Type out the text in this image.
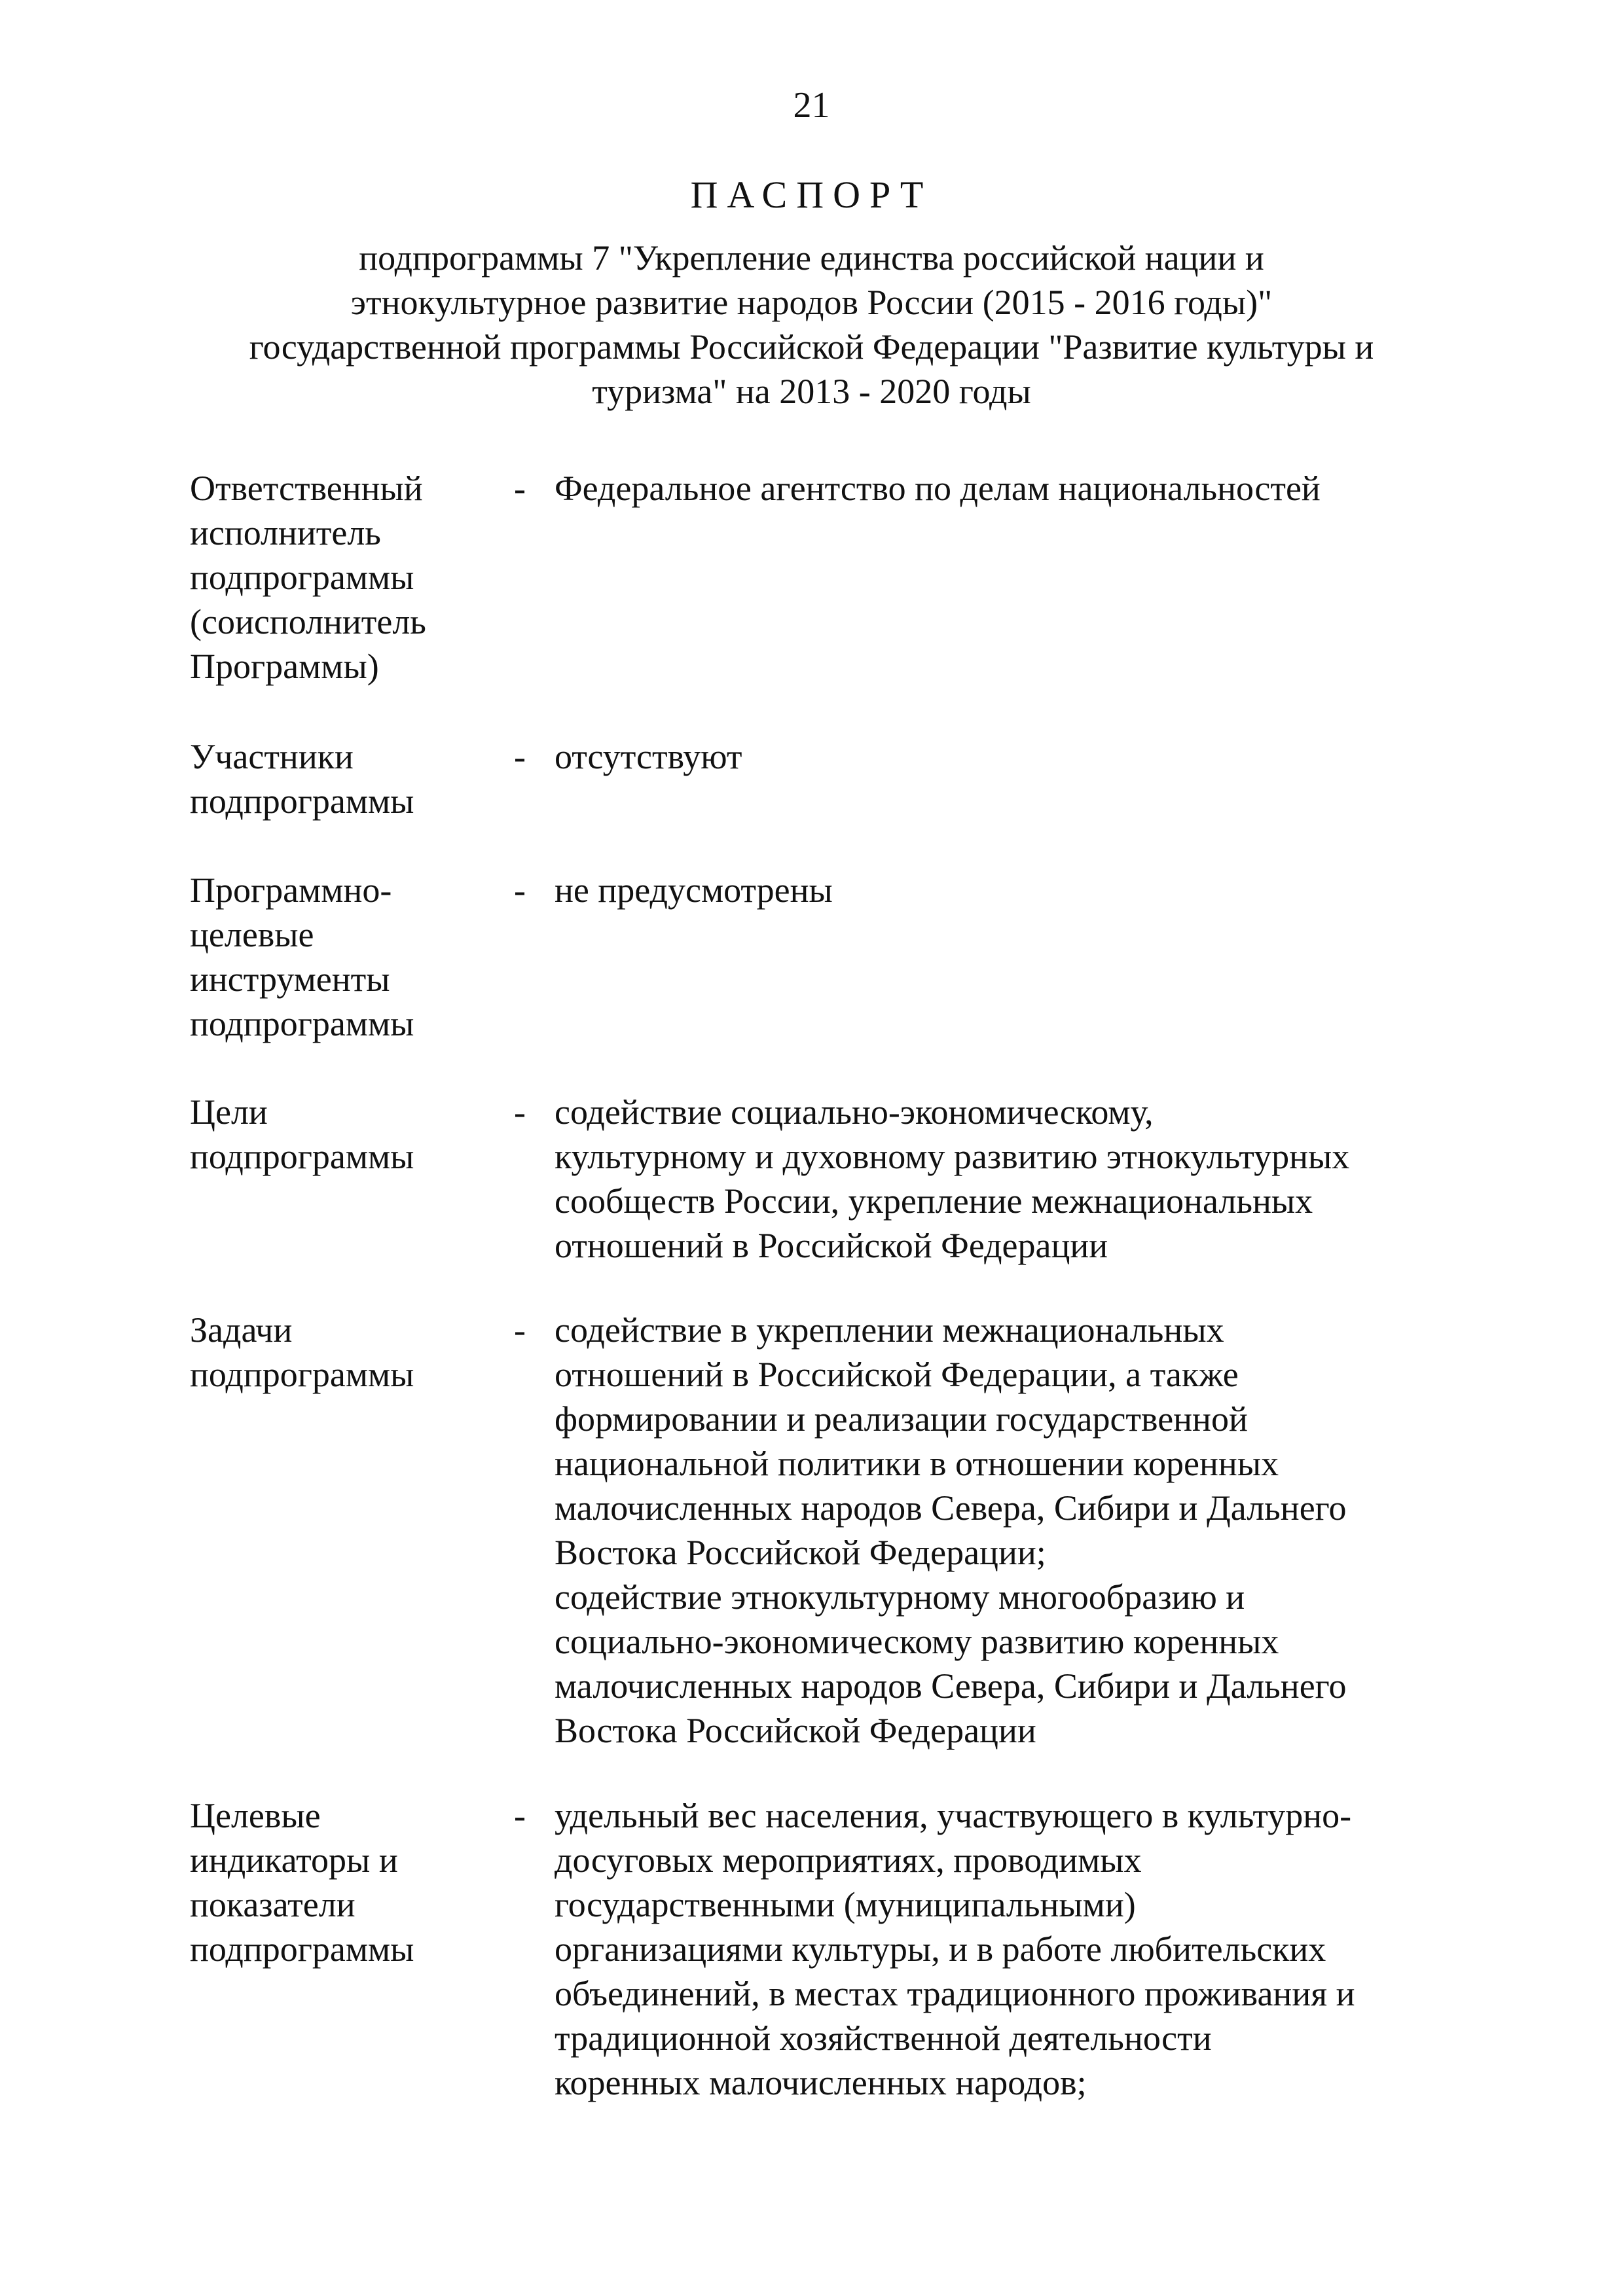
21
ПАСПОРТ
подпрограммы 7 "Укрепление единства российской нации и
этнокультурное развитие народов России (2015 - 2016 годы)"
государственной программы Российской Федерации "Развитие культуры и
туризма" на 2013 - 2020 годы
Ответственный
исполнитель
подпрограммы
(соисполнитель
Программы)
- Федеральное агентство по делам национальностей
Участники
подпрограммы
- отсутствуют
Программно-
целевые
инструменты
подпрограммы
- не предусмотрены
Цели
подпрограммы
- содействие социально-экономическому,
культурному и духовному развитию этнокультурных
сообществ России, укрепление межнациональных
отношений в Российской Федерации
Задачи
подпрограммы
- содействие в укреплении межнациональных
отношений в Российской Федерации, а также
формировании и реализации государственной
национальной политики в отношении коренных
малочисленных народов Севера, Сибири и Дальнего
Востока Российской Федерации;
содействие этнокультурному многообразию и
социально-экономическому развитию коренных
малочисленных народов Севера, Сибири и Дальнего
Востока Российской Федерации
Целевые
индикаторы и
показатели
подпрограммы
- удельный вес населения, участвующего в культурно-
досуговых мероприятиях, проводимых
государственными (муниципальными)
организациями культуры, и в работе любительских
объединений, в местах традиционного проживания и
традиционной хозяйственной деятельности
коренных малочисленных народов;
